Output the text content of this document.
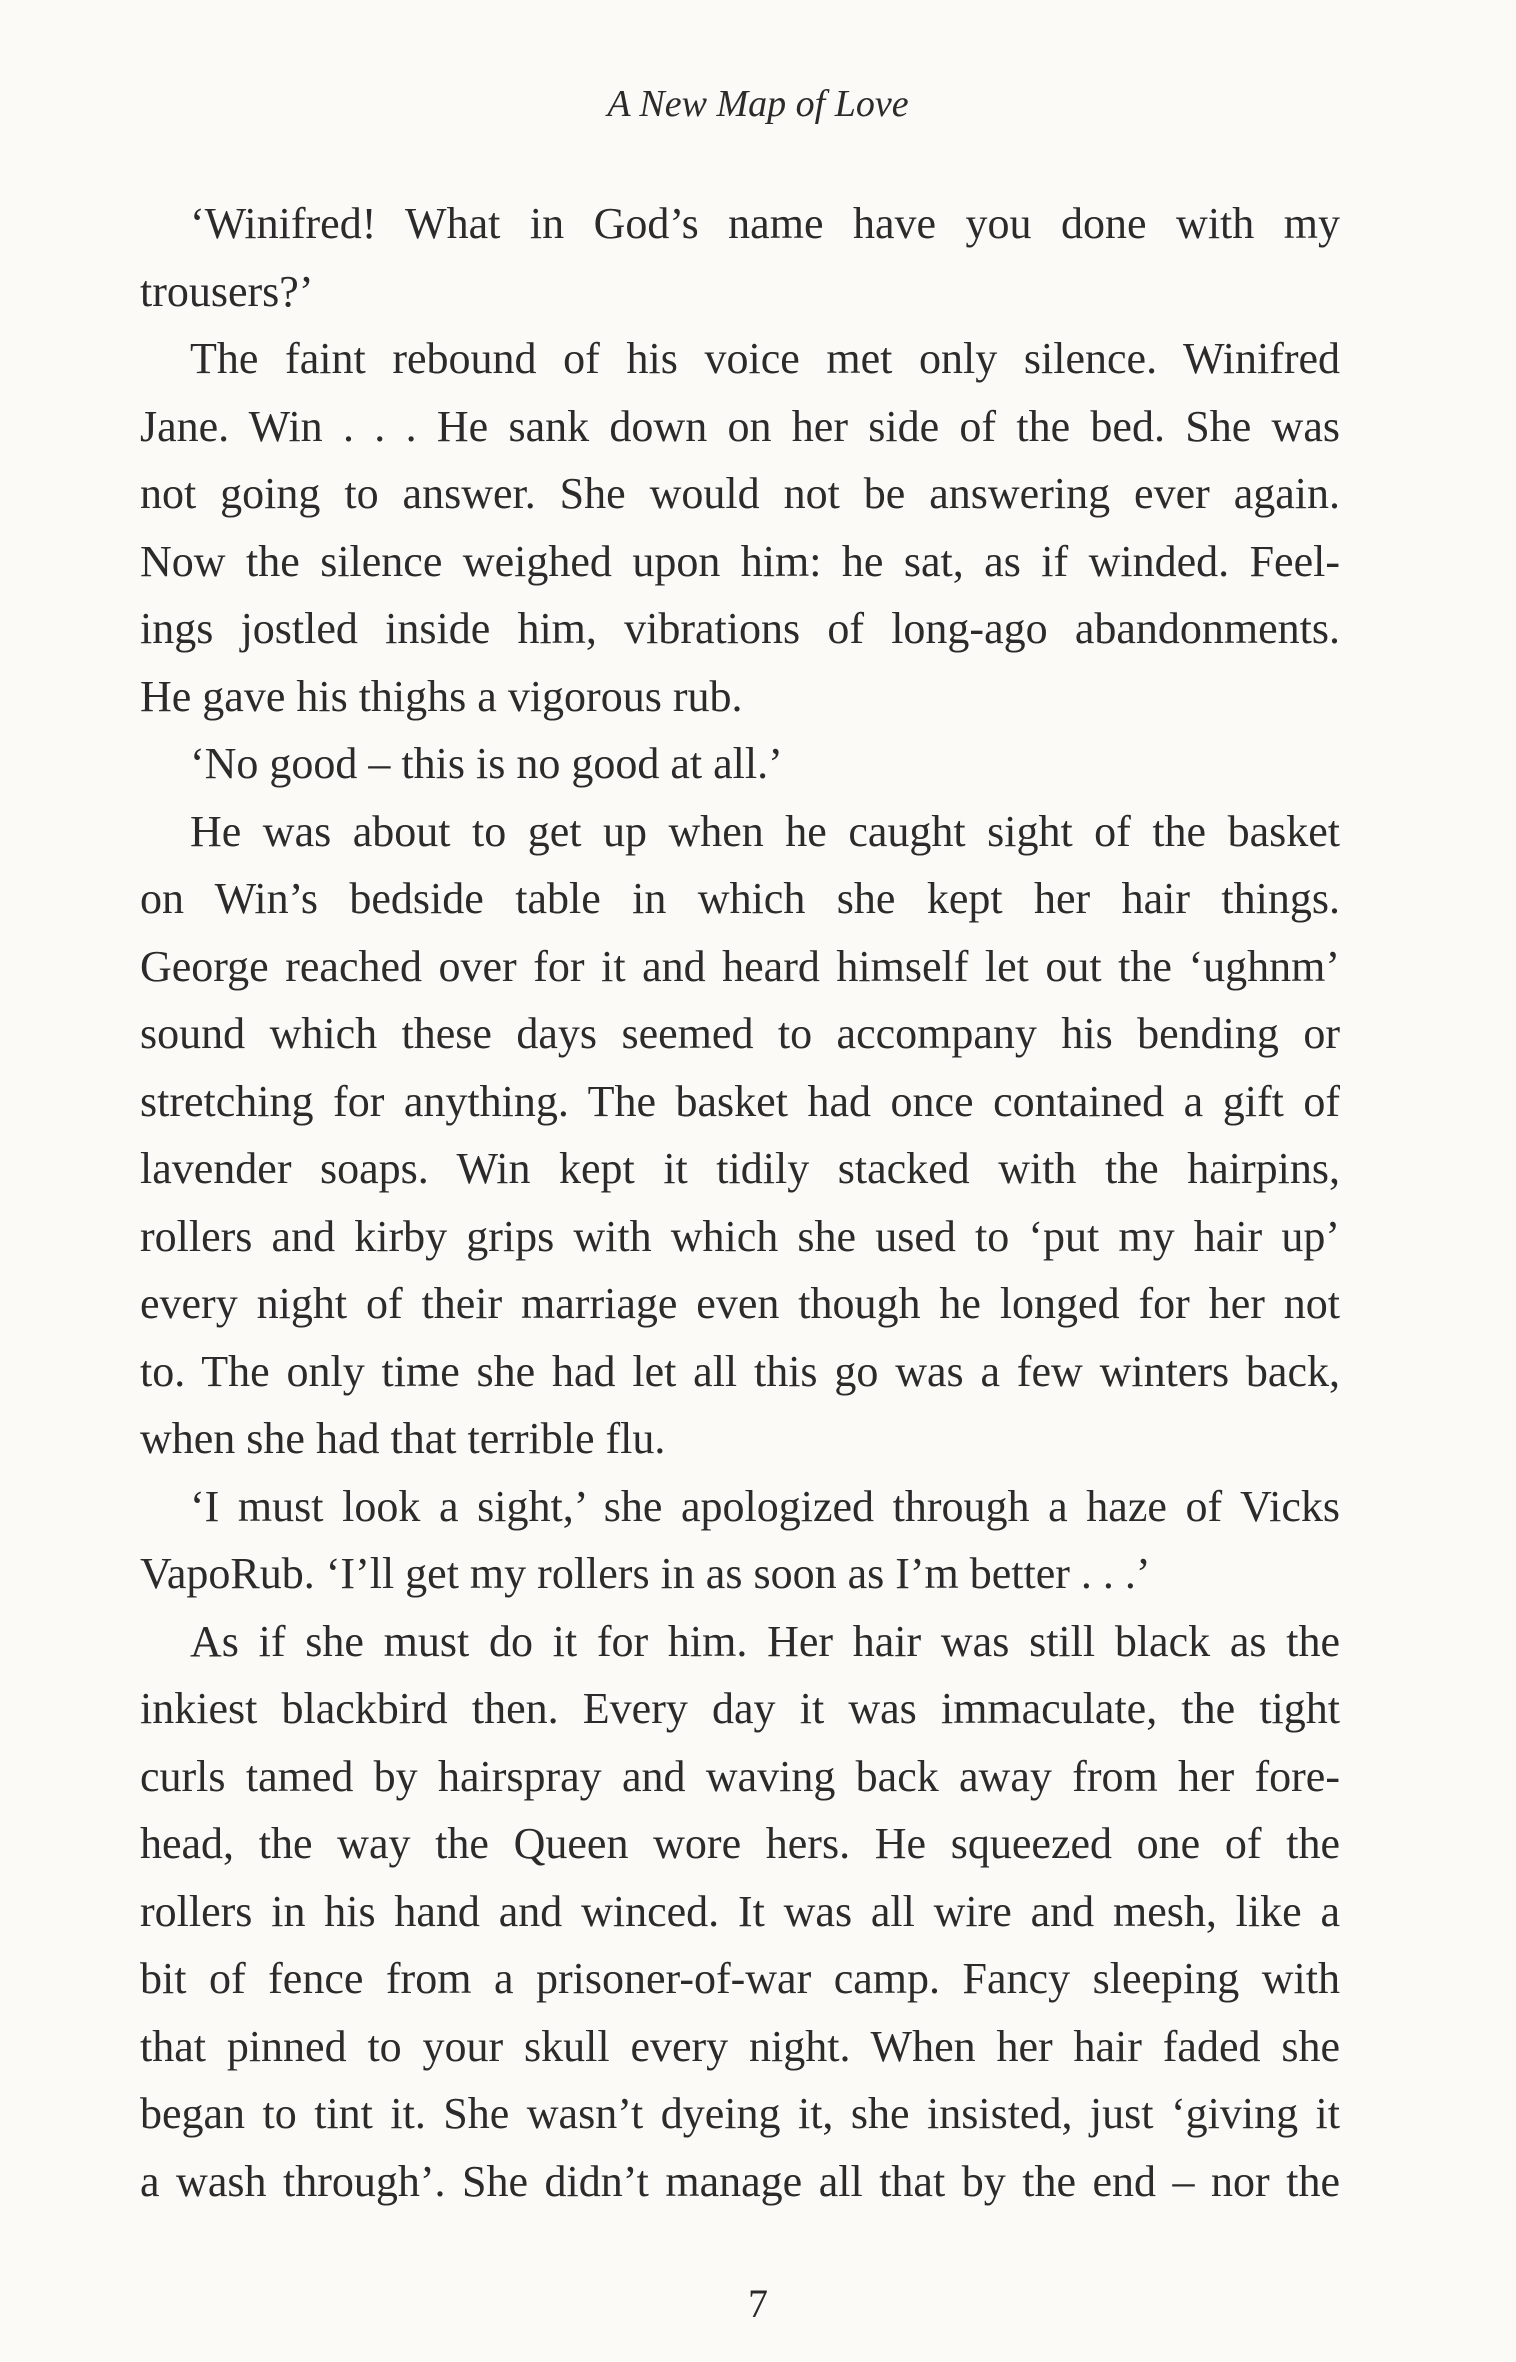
A New Map of Love
‘Winifred! What in God’s name have you done with my
trousers?’
The faint rebound of his voice met only silence. Winifred
Jane. Win . . . He sank down on her side of the bed. She was
not going to answer. She would not be answering ever again.
Now the silence weighed upon him: he sat, as if winded. Feel-
ings jostled inside him, vibrations of long-ago abandonments.
He gave his thighs a vigorous rub.
‘No good – this is no good at all.’
He was about to get up when he caught sight of the basket
on Win’s bedside table in which she kept her hair things.
George reached over for it and heard himself let out the ‘ughnm’
sound which these days seemed to accompany his bending or
stretching for anything. The basket had once contained a gift of
lavender soaps. Win kept it tidily stacked with the hairpins,
rollers and kirby grips with which she used to ‘put my hair up’
every night of their marriage even though he longed for her not
to. The only time she had let all this go was a few winters back,
when she had that terrible flu.
‘I must look a sight,’ she apologized through a haze of Vicks
VapoRub. ‘I’ll get my rollers in as soon as I’m better . . .’
As if she must do it for him. Her hair was still black as the
inkiest blackbird then. Every day it was immaculate, the tight
curls tamed by hairspray and waving back away from her fore-
head, the way the Queen wore hers. He squeezed one of the
rollers in his hand and winced. It was all wire and mesh, like a
bit of fence from a prisoner-of-war camp. Fancy sleeping with
that pinned to your skull every night. When her hair faded she
began to tint it. She wasn’t dyeing it, she insisted, just ‘giving it
a wash through’. She didn’t manage all that by the end – nor the
7
